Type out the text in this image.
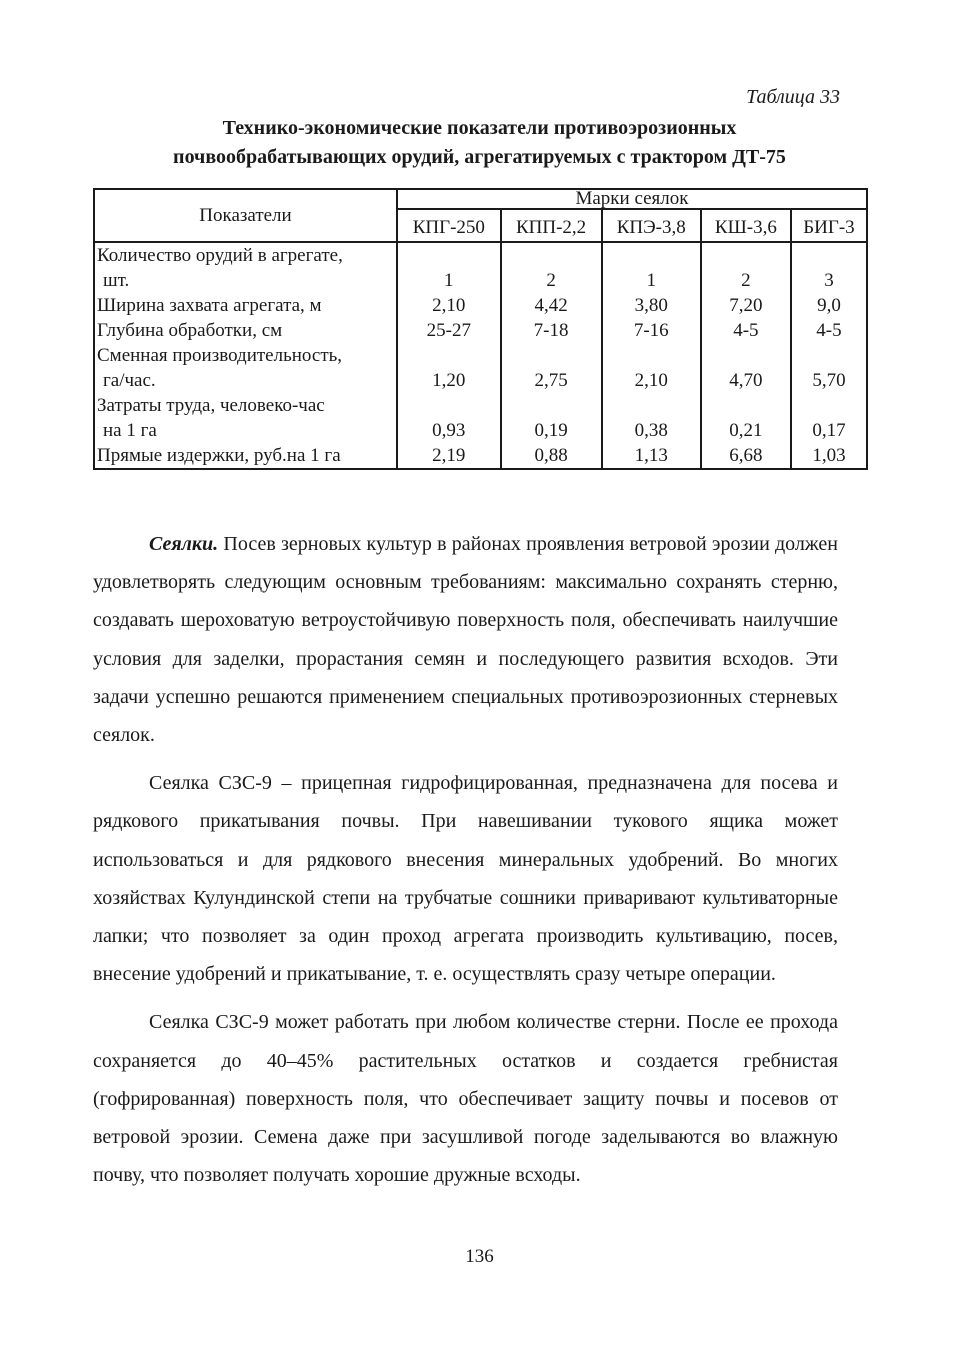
Таблица 33
Технико-экономические показатели противоэрозионных
почвообрабатывающих орудий, агрегатируемых с трактором ДТ-75
Показатели	Марки сеялок				
	КПГ-250	КПП-2,2	КПЭ-3,8	КШ-3,6	БИГ-3
Количество орудий в агрегате,
шт.	1	2	1	2	3
Ширина захвата агрегата, м	2,10	4,42	3,80	7,20	9,0
Глубина обработки, см	25-27	7-18	7-16	4-5	4-5
Сменная производительность,
га/час.	1,20	2,75	2,10	4,70	5,70
Затраты труда, человеко-час
на 1 га	0,93	0,19	0,38	0,21	0,17
Прямые издержки, руб.на 1 га	2,19	0,88	1,13	6,68	1,03

Сеялки. Посев зерновых культур в районах проявления ветровой эрозии должен удовлетворять следующим основным требованиям: максимально сохранять стерню, создавать шероховатую ветроустойчивую поверхность поля, обеспечивать наилучшие условия для заделки, прорастания семян и последующего развития всходов. Эти задачи успешно решаются применением специальных противоэрозионных стерневых сеялок.

Сеялка СЗС-9 – прицепная гидрофицированная, предназначена для посева и рядкового прикатывания почвы. При навешивании тукового ящика может использоваться и для рядкового внесения минеральных удобрений. Во многих хозяйствах Кулундинской степи на трубчатые сошники приваривают культиваторные лапки; что позволяет за один проход агрегата производить культивацию, посев, внесение удобрений и прикатывание, т. е. осуществлять сразу четыре операции.

Сеялка СЗС-9 может работать при любом количестве стерни. После ее прохода сохраняется до 40–45% растительных остатков и создается гребнистая (гофрированная) поверхность поля, что обеспечивает защиту почвы и посевов от ветровой эрозии. Семена даже при засушливой погоде заделываются во влажную почву, что позволяет получать хорошие дружные всходы.

136
